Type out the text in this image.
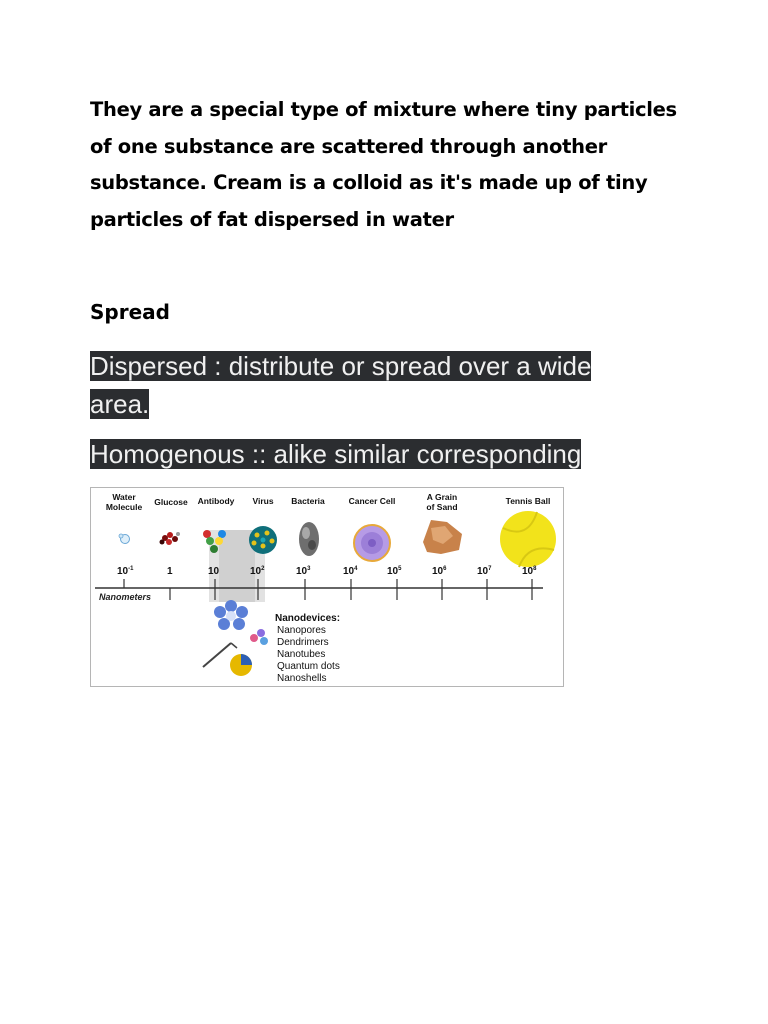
They are a special type of mixture where tiny particles
of one substance are scattered through another
substance. Cream is a colloid as it's made up of tiny
particles of fat dispersed in water
Spread

Dispersed : distribute or spread over a wide area.

Homogenous :: alike similar corresponding

Water
Molecule Glucose Antibody Virus Bacteria	Cancer Cell	A Grain
of Sand
Tennis Ball
$10^{-1}$	1	10	$10^2$	$10^3$	$10^4$	$10^5$	$10^6$	$10^7$	$10^8$
Nanometers
Nanodevices:
Nanopores
Dendrimers
Nanotubes
Quantum dots
Nanoshells
